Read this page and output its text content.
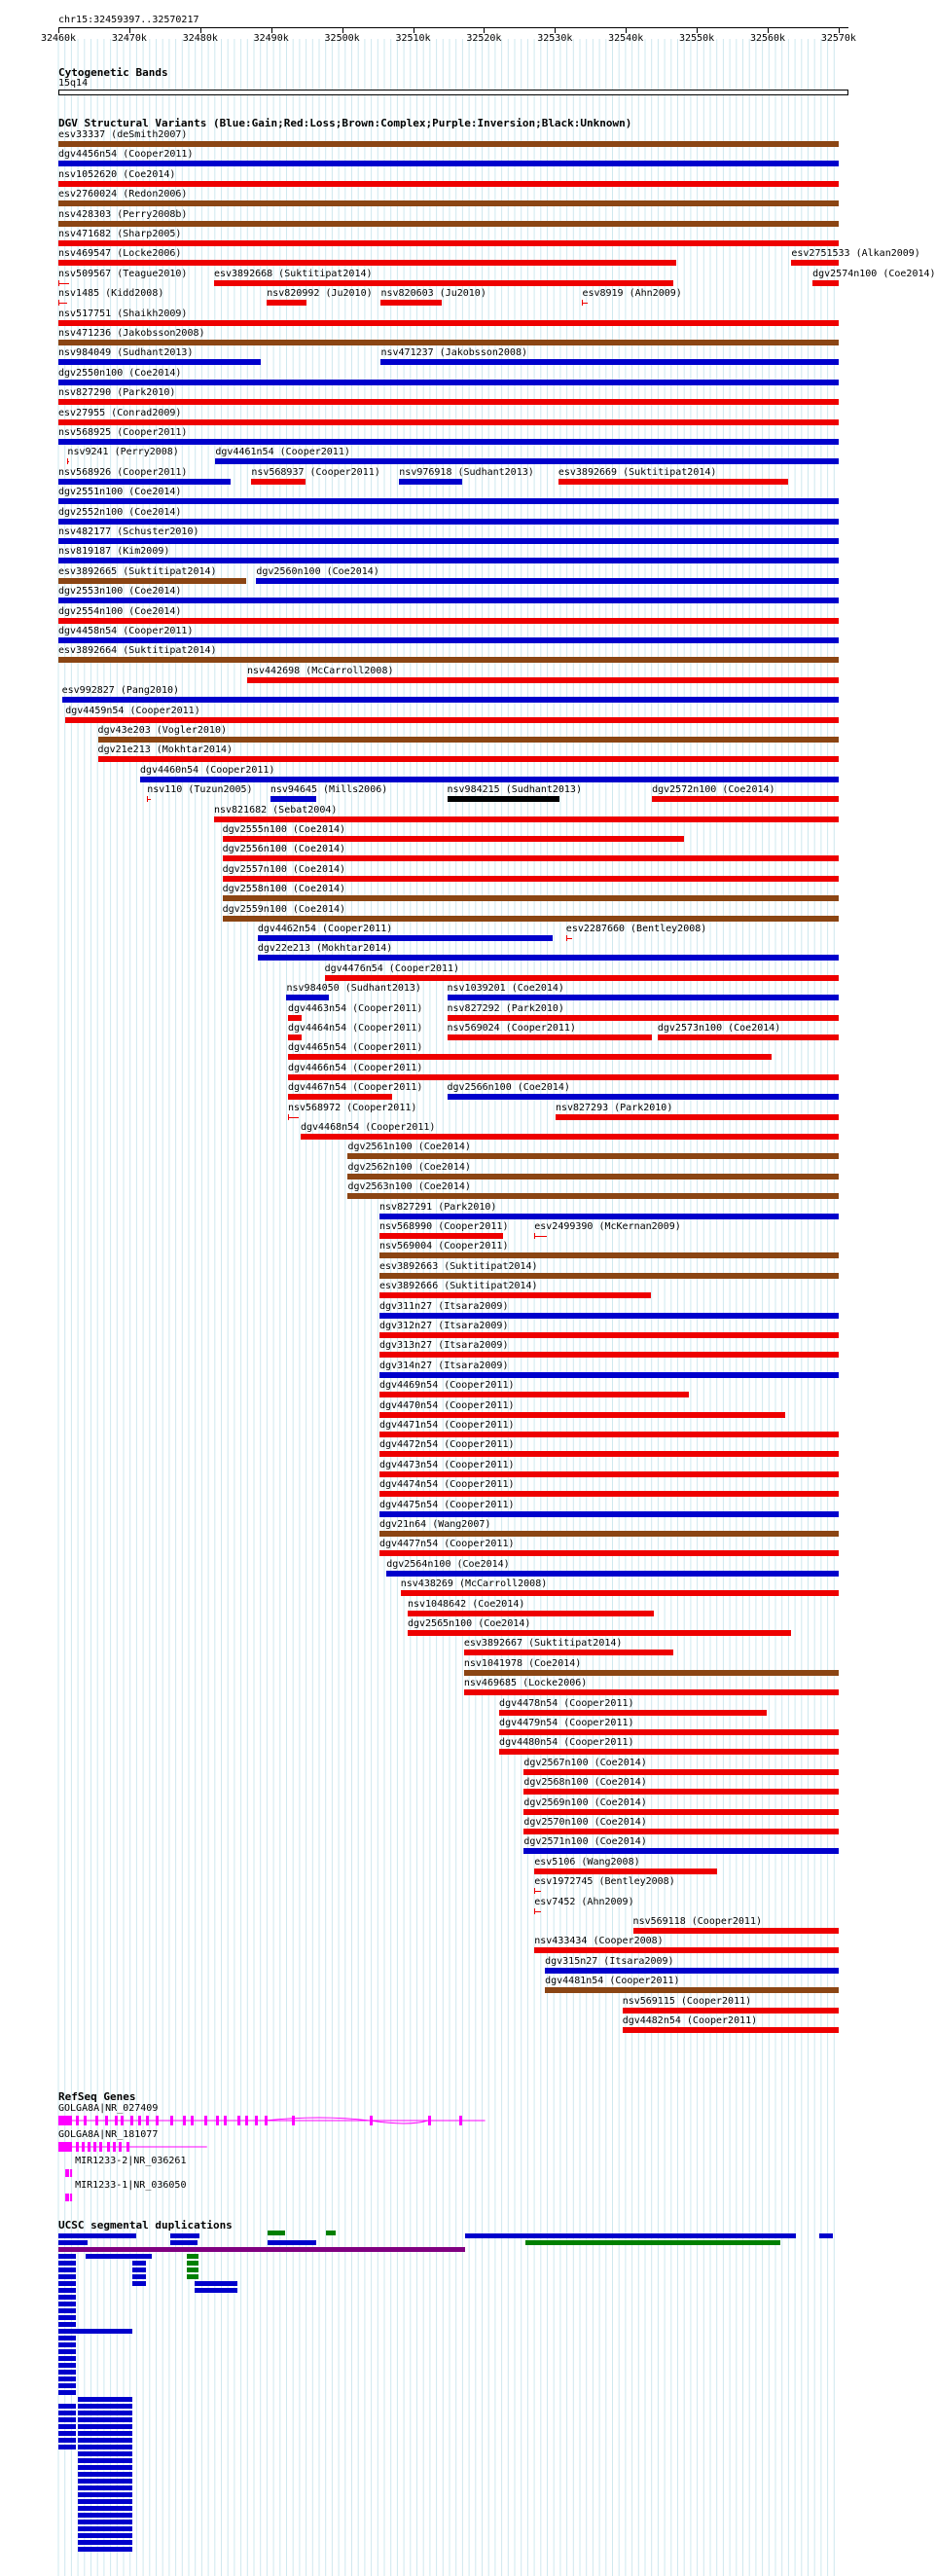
chr15:32459397..32570217
32460k	32470k	32480k	32490k	32500k	32510k	32520k	32530k	32540k	32550k	32560k	32570k
Cytogenetic Bands
15q14
DGV Structural Variants (Blue:Gain;Red:Loss;Brown:Complex;Purple:Inversion;Black:Unknown)
esv33337 (deSmith2007)
dgv4456n54 (Cooper2011)
nsv1052620 (Coe2014)
esv2760024 (Redon2006)
nsv428303 (Perry2008b)
nsv471682 (Sharp2005)
nsv469547 (Locke2006)
nsv509567 (Teague2010)	esv3892668 (Suktitipat2014)
nsv1485 (Kidd2008)
nsv517751 (Shaikh2009)
nsv471236 (Jakobsson2008)
nsv984049 (Sudhant2013)
nsv820992 (Ju2010) nsv820603 (Ju2010)
dgv2550n100 (Coe2014)
nsv827290 (Park2010)
esv27955 (Conrad2009)
nsv568925 (Cooper2011)
dgv4461n54 (Cooper2011)
nsv568926 (Cooper2011)	nsv568937 (Cooper2011)
nsv471237 (Jakobsson2008)
dgv2551n100 (Coe2014)
esv8919 (Ahn2009)
esv2751533 (Alkan2009)
dgv2552n100 (Coe2014)
nsv482177 (Schuster2010)
nsv819187 (Kim2009)
dgv2560n100 (Coe2014)
dgv2553n100 (Coe2014)
dgv2554n100 (Coe2014)
dgv4458n54 (Cooper2011)
esv3892664 (Suktitipat2014)
esv3892665 (Suktitipat2014)
nsv442698 (McCarroll2008)
esv992827 (Pang2010)
dgv4459n54 (Cooper2011)
nsv9241 (Perry2008)
dgv43e203 (Vogler2010)
dgv21e213 (Mokhtar2014)
dgv4460n54 (Cooper2011)
nsv110 (Tuzun2005)
nsv821682 (Sebat2004)
dgv2555n100 (Coe2014)
dgv2574n100 (Coe2014)
dgv2556n100 (Coe2014)
dgv2557n100 (Coe2014)
dgv2558n100 (Coe2014)
dgv2559n100 (Coe2014)
dgv4462n54 (Cooper2011)
esv3892669 (Suktitipat2014)
dgv22e213 (Mokhtar2014)
nsv94645 (Mills2006)
dgv4476n54 (Cooper2011)
nsv984050 (Sudhant2013)
nsv984215 (Sudhant2013)
esv2287660 (Bentley2008)
dgv4463n54 (Cooper2011)
nsv1039201 (Coe2014)
dgv4464n54 (Cooper2011)
nsv827292 (Park2010)
dgv4465n54 (Cooper2011)
dgv4466n54 (Cooper2011)
dgv4467n54 (Cooper2011)
nsv569024 (Cooper2011)
dgv2572n100 (Coe2014)
nsv568972 (Cooper2011)
dgv2566n100 (Coe2014)
dgv4468n54 (Cooper2011)
dgv2561n100 (Coe2014)
dgv2562n100 (Coe2014)
dgv2563n100 (Coe2014)
nsv827291 (Park2010)
nsv568990 (Cooper2011)
nsv827293 (Park2010)
nsv569004 (Cooper2011)
esv3892663 (Suktitipat2014)
esv3892666 (Suktitipat2014)
dgv311n27 (Itsara2009)
dgv312n27 (Itsara2009)
dgv313n27 (Itsara2009)
dgv314n27 (Itsara2009)
dgv4469n54 (Cooper2011)
dgv4470n54 (Cooper2011)
dgv4471n54 (Cooper2011)
dgv4472n54 (Cooper2011)
dgv4473n54 (Cooper2011)
dgv4474n54 (Cooper2011)
dgv4475n54 (Cooper2011)
dgv21n64 (Wang2007)
dgv4477n54 (Cooper2011)
dgv2564n100 (Coe2014)
nsv976918 (Sudhant2013)
esv2499390 (McKernan2009)
nsv438269 (McCarroll2008)
nsv1048642 (Coe2014)
dgv2573n100 (Coe2014)
dgv2565n100 (Coe2014)
esv3892667 (Suktitipat2014)
nsv1041978 (Coe2014)
nsv469685 (Locke2006)
dgv4478n54 (Cooper2011)
dgv4479n54 (Cooper2011)
dgv4480n54 (Cooper2011)
dgv2567n100 (Coe2014)
dgv2568n100 (Coe2014)
dgv2569n100 (Coe2014)
dgv2570n100 (Coe2014)
dgv2571n100 (Coe2014)
esv5106 (Wang2008)
esv1972745 (Bentley2008)
esv7452 (Ahn2009)
nsv569118 (Cooper2011)
nsv433434 (Cooper2008)
dgv315n27 (Itsara2009)
dgv4481n54 (Cooper2011)
nsv569115 (Cooper2011)
dgv4482n54 (Cooper2011)
RefSeq Genes
GOLGA8A|NR_027409
GOLGA8A|NR_181077
MIR1233-2|NR_036261
MIR1233-1|NR_036050
UCSC segmental duplications
